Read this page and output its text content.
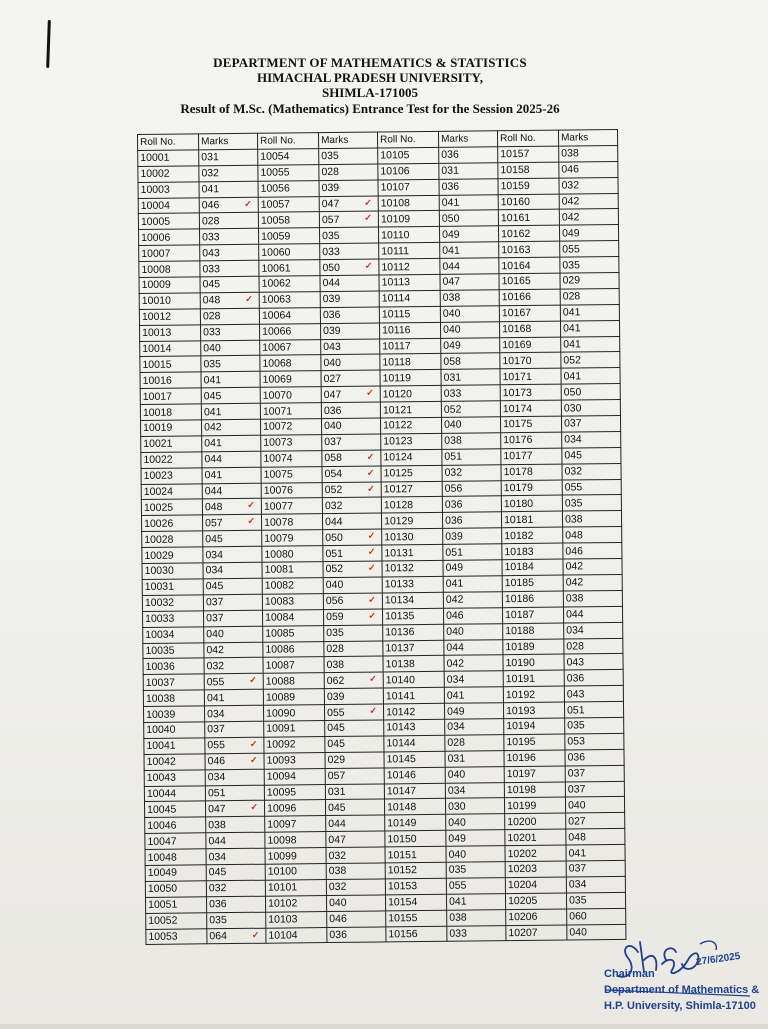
DEPARTMENT OF MATHEMATICS & STATISTICS
HIMACHAL PRADESH UNIVERSITY,
SHIMLA-171005
Result of M.Sc. (Mathematics) Entrance Test for the Session 2025-26
Roll No.	Marks	Roll No.	Marks	Roll No.	Marks	Roll No.	Marks
10001	031	10054	035	10105	036	10157	038
10002	032	10055	028	10106	031	10158	046
10003	041	10056	039	10107	036	10159	032
10004	046 ✓	10057	047 ✓	10108	041	10160	042
10005	028	10058	057 ✓	10109	050	10161	042
10006	033	10059	035	10110	049	10162	049
10007	043	10060	033	10111	041	10163	055
10008	033	10061	050 ✓	10112	044	10164	035
10009	045	10062	044	10113	047	10165	029
10010	048 ✓	10063	039	10114	038	10166	028
10012	028	10064	036	10115	040	10167	041
10013	033	10066	039	10116	040	10168	041
10014	040	10067	043	10117	049	10169	041
10015	035	10068	040	10118	058	10170	052
10016	041	10069	027	10119	031	10171	041
10017	045	10070	047 ✓	10120	033	10173	050
10018	041	10071	036	10121	052	10174	030
10019	042	10072	040	10122	040	10175	037
10021	041	10073	037	10123	038	10176	034
10022	044	10074	058 ✓	10124	051	10177	045
10023	041	10075	054 ✓	10125	032	10178	032
10024	044	10076	052 ✓	10127	056	10179	055
10025	048 ✓	10077	032	10128	036	10180	035
10026	057 ✓	10078	044	10129	036	10181	038
10028	045	10079	050 ✓	10130	039	10182	048
10029	034	10080	051 ✓	10131	051	10183	046
10030	034	10081	052 ✓	10132	049	10184	042
10031	045	10082	040	10133	041	10185	042
10032	037	10083	056 ✓	10134	042	10186	038
10033	037	10084	059 ✓	10135	046	10187	044
10034	040	10085	035	10136	040	10188	034
10035	042	10086	028	10137	044	10189	028
10036	032	10087	038	10138	042	10190	043
10037	055 ✓	10088	062 ✓	10140	034	10191	036
10038	041	10089	039	10141	041	10192	043
10039	034	10090	055 ✓	10142	049	10193	051
10040	037	10091	045	10143	034	10194	035
10041	055 ✓	10092	045	10144	028	10195	053
10042	046 ✓	10093	029	10145	031	10196	036
10043	034	10094	057	10146	040	10197	037
10044	051	10095	031	10147	034	10198	037
10045	047 ✓	10096	045	10148	030	10199	040
10046	038	10097	044	10149	040	10200	027
10047	044	10098	047	10150	049	10201	048
10048	034	10099	032	10151	040	10202	041
10049	045	10100	038	10152	035	10203	037
10050	032	10101	032	10153	055	10204	034
10051	036	10102	040	10154	041	10205	035
10052	035	10103	046	10155	038	10206	060
10053	064 ✓	10104	036	10156	033	10207	040
27/6/2025
Chairman
Department of Mathematics &
H.P. University, Shimla-17100
